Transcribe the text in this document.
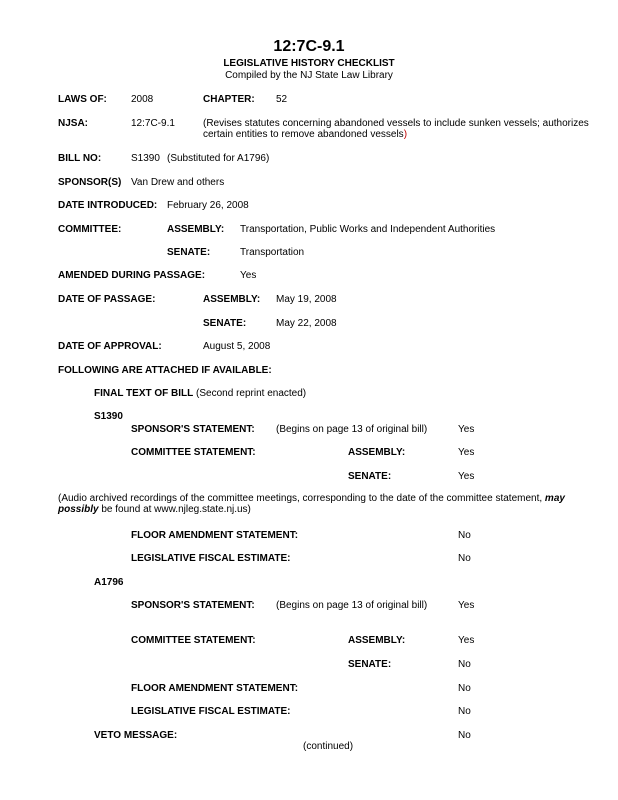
12:7C-9.1
LEGISLATIVE HISTORY CHECKLIST
Compiled by the NJ State Law Library
LAWS OF: 2008	CHAPTER: 52
NJSA:	12:7C-9.1	(Revises statutes concerning abandoned vessels to include sunken vessels; authorizes
certain entities to remove abandoned vessels)
BILL NO:	S1390 (Substituted for A1796)
SPONSOR(S) Van Drew and others
DATE INTRODUCED: February 26, 2008
COMMITTEE:	ASSEMBLY: Transportation, Public Works and Independent Authorities
SENATE:	Transportation
AMENDED DURING PASSAGE:	Yes
DATE OF PASSAGE:	ASSEMBLY: May 19, 2008
SENATE:	May 22, 2008
DATE OF APPROVAL:	August 5, 2008
FOLLOWING ARE ATTACHED IF AVAILABLE:
FINAL TEXT OF BILL (Second reprint enacted)
S1390
SPONSOR'S STATEMENT: (Begins on page 13 of original bill)	Yes
COMMITTEE STATEMENT:	ASSEMBLY:	Yes
SENATE:	Yes
(Audio archived recordings of the committee meetings, corresponding to the date of the committee statement, may possibly be found at www.njleg.state.nj.us)
FLOOR AMENDMENT STATEMENT:	No
LEGISLATIVE FISCAL ESTIMATE:	No
A1796
SPONSOR'S STATEMENT: (Begins on page 13 of original bill)	Yes
COMMITTEE STATEMENT:	ASSEMBLY:	Yes
SENATE:	No
FLOOR AMENDMENT STATEMENT:	No
LEGISLATIVE FISCAL ESTIMATE:	No
VETO MESSAGE:	No
(continued)
